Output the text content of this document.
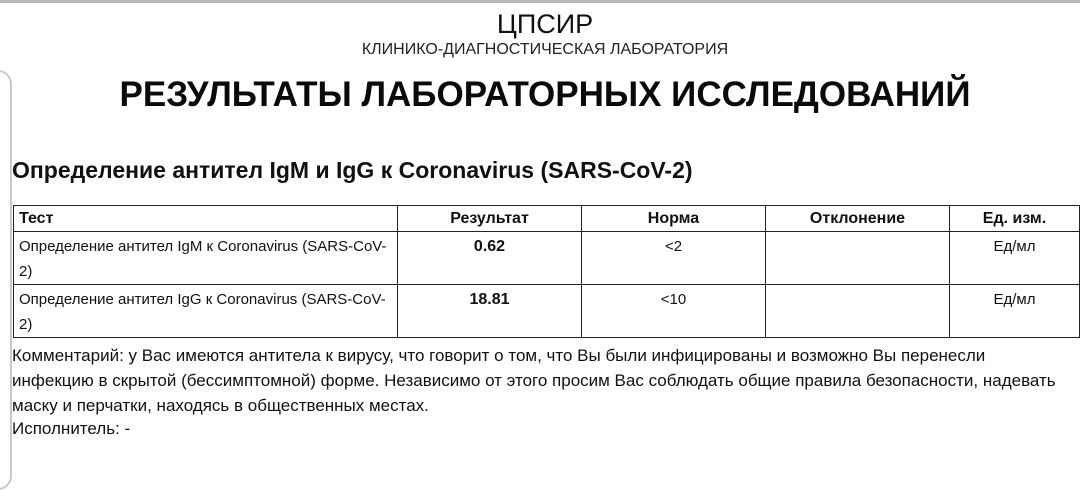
ЦПСИР
КЛИНИКО-ДИАГНОСТИЧЕСКАЯ ЛАБОРАТОРИЯ
РЕЗУЛЬТАТЫ ЛАБОРАТОРНЫХ ИССЛЕДОВАНИЙ
Определение антител IgM и IgG к Coronavirus (SARS-CoV-2)
Тест	Результат	Норма	Отклонение	Ед. изм.
Определение антител IgM к Coronavirus (SARS-CoV-2)	0.62	<2		Ед/мл
Определение антител IgG к Coronavirus (SARS-CoV-2)	18.81	<10		Ед/мл
Комментарий: у Вас имеются антитела к вирусу, что говорит о том, что Вы были инфицированы и возможно Вы перенесли инфекцию в скрытой (бессимптомной) форме. Независимо от этого просим Вас соблюдать общие правила безопасности, надевать маску и перчатки, находясь в общественных местах.
Исполнитель: -
